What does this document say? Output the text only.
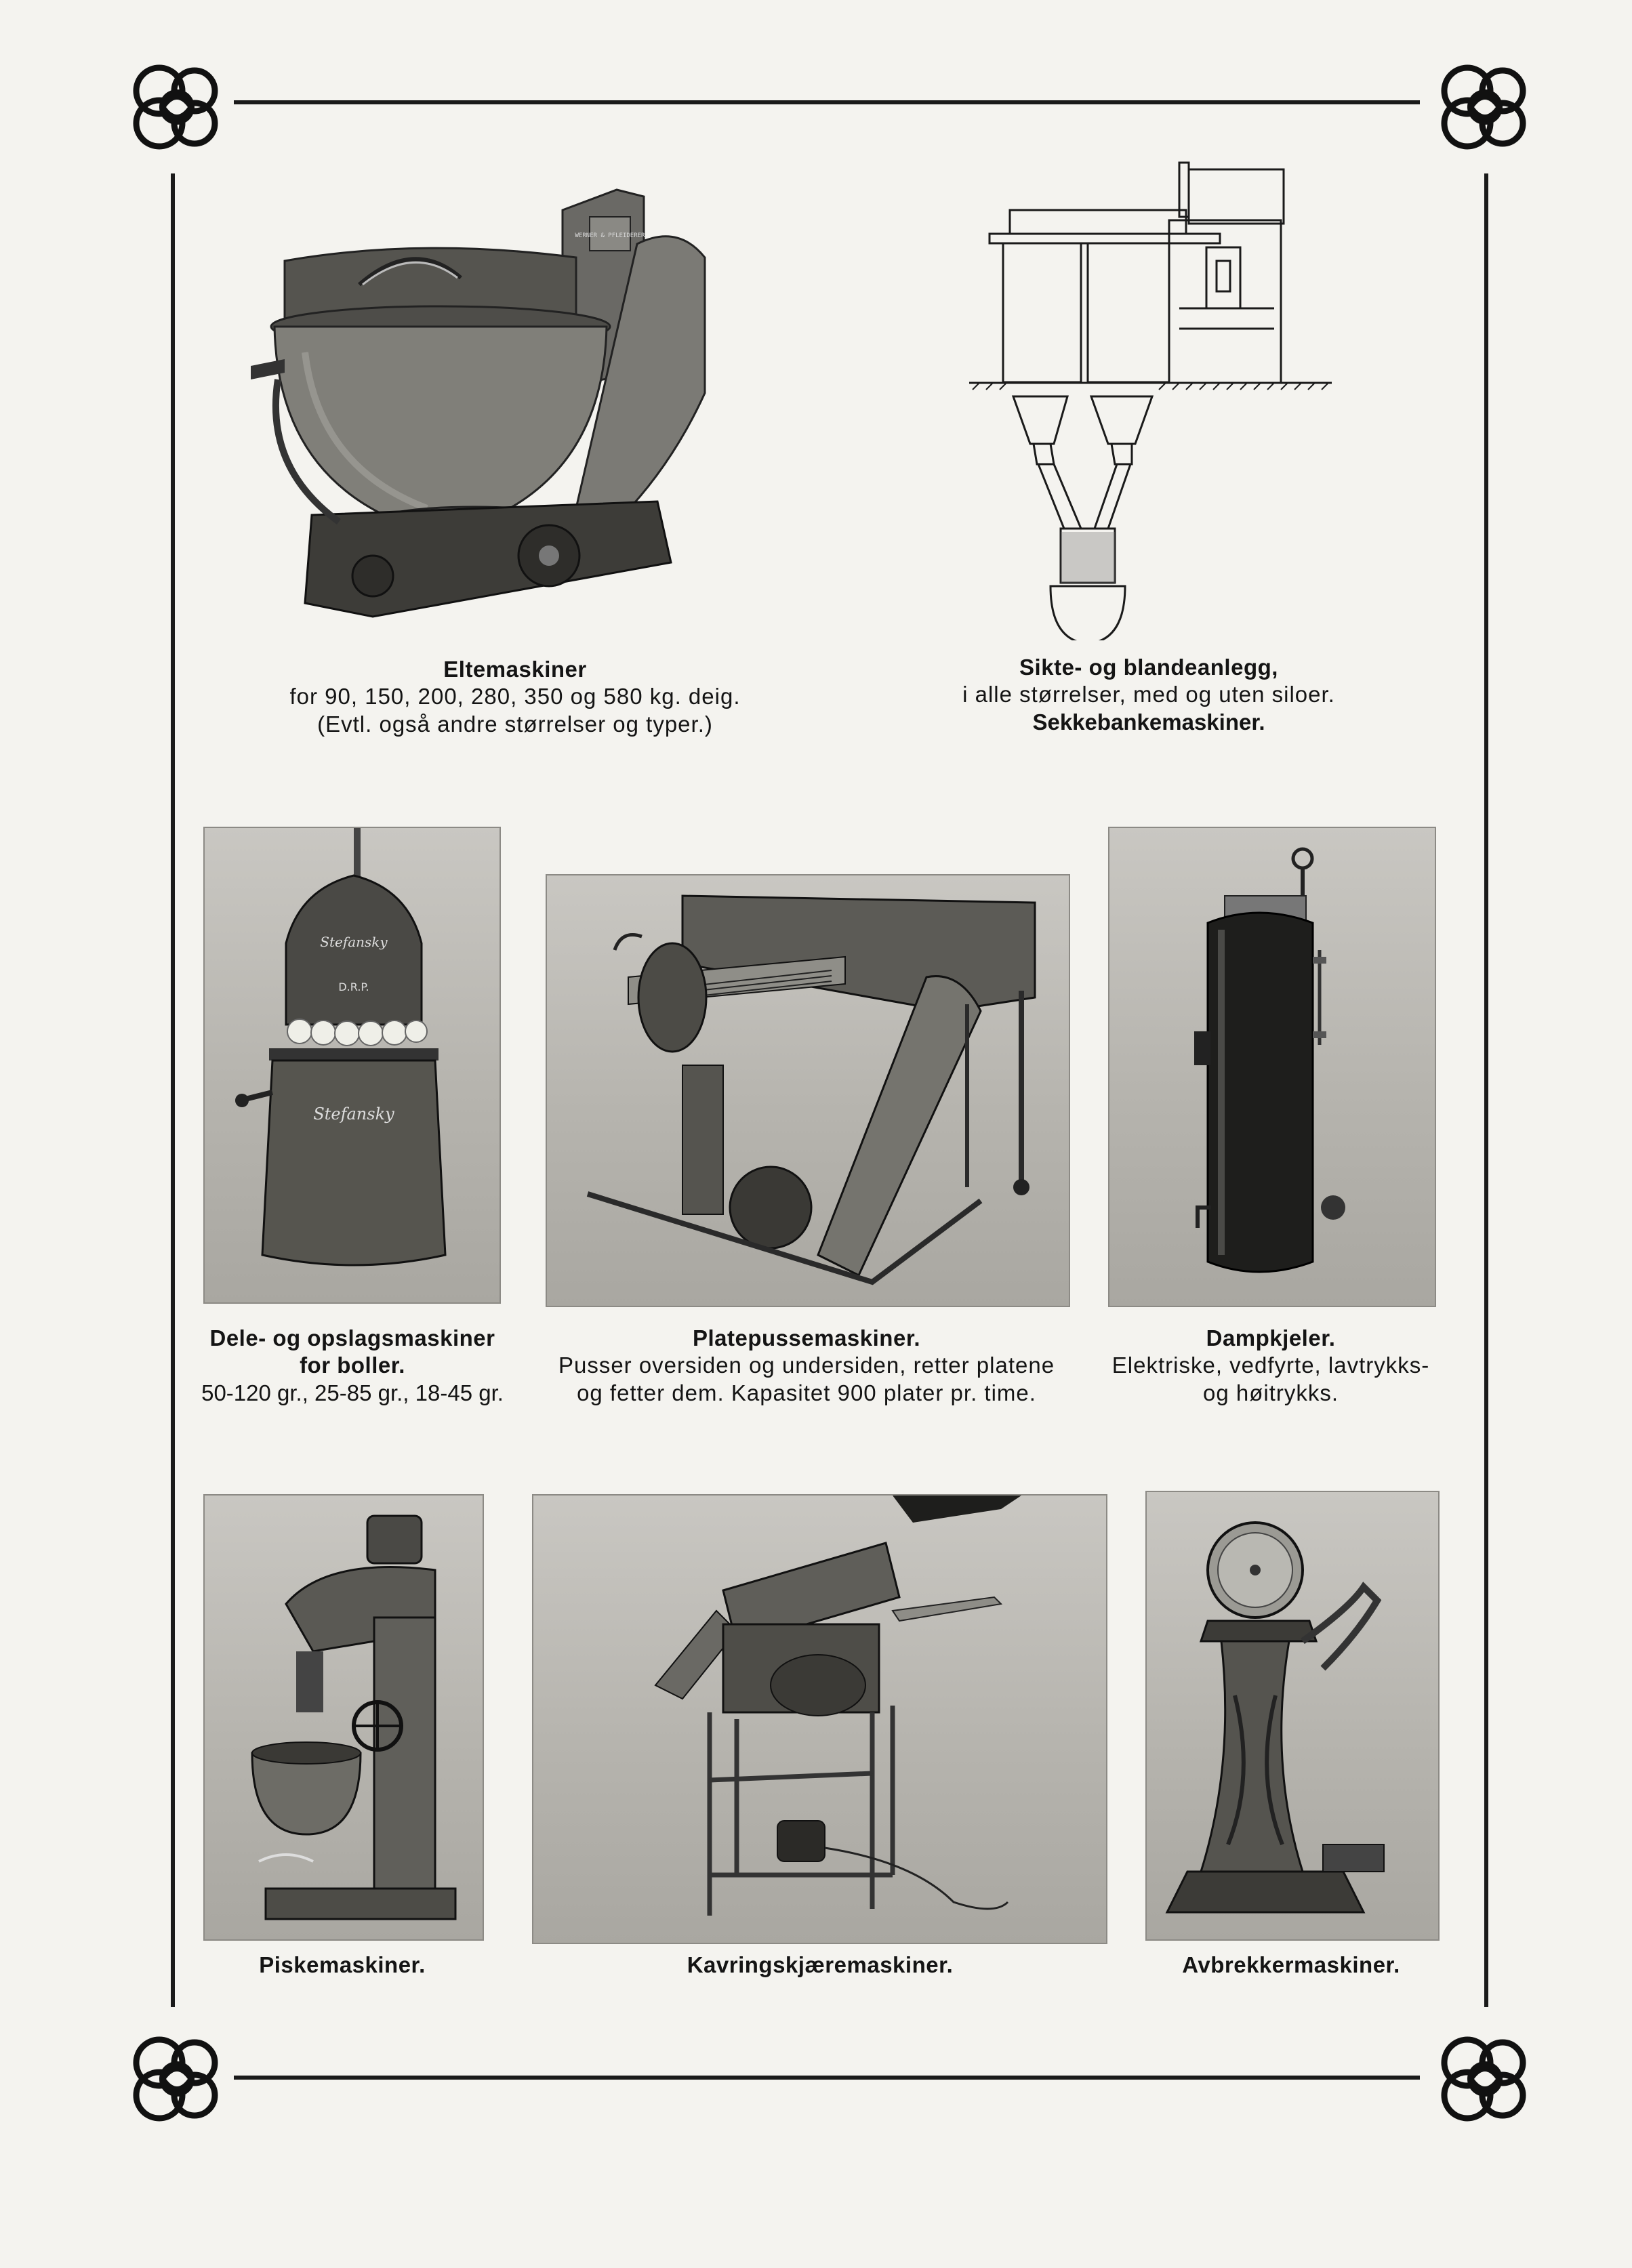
WERNER & PFLEIDERER
Eltemaskiner
for 90, 150, 200, 280, 350 og 580 kg. deig.
(Evtl. også andre størrelser og typer.)
Sikte- og blandeanlegg,
i alle størrelser, med og uten siloer.
Sekkebankemaskiner.
Stefansky
D.R.P.
Stefansky
Dele- og opslagsmaskiner
for boller.
50-120 gr., 25-85 gr., 18-45 gr.
Platepussemaskiner.
Pusser oversiden og undersiden, retter platene
og fetter dem. Kapasitet 900 plater pr. time.
Dampkjeler.
Elektriske, vedfyrte, lavtrykks-
og høitrykks.
Piskemaskiner.	Kavringskjæremaskiner.	Avbrekkermaskiner.
